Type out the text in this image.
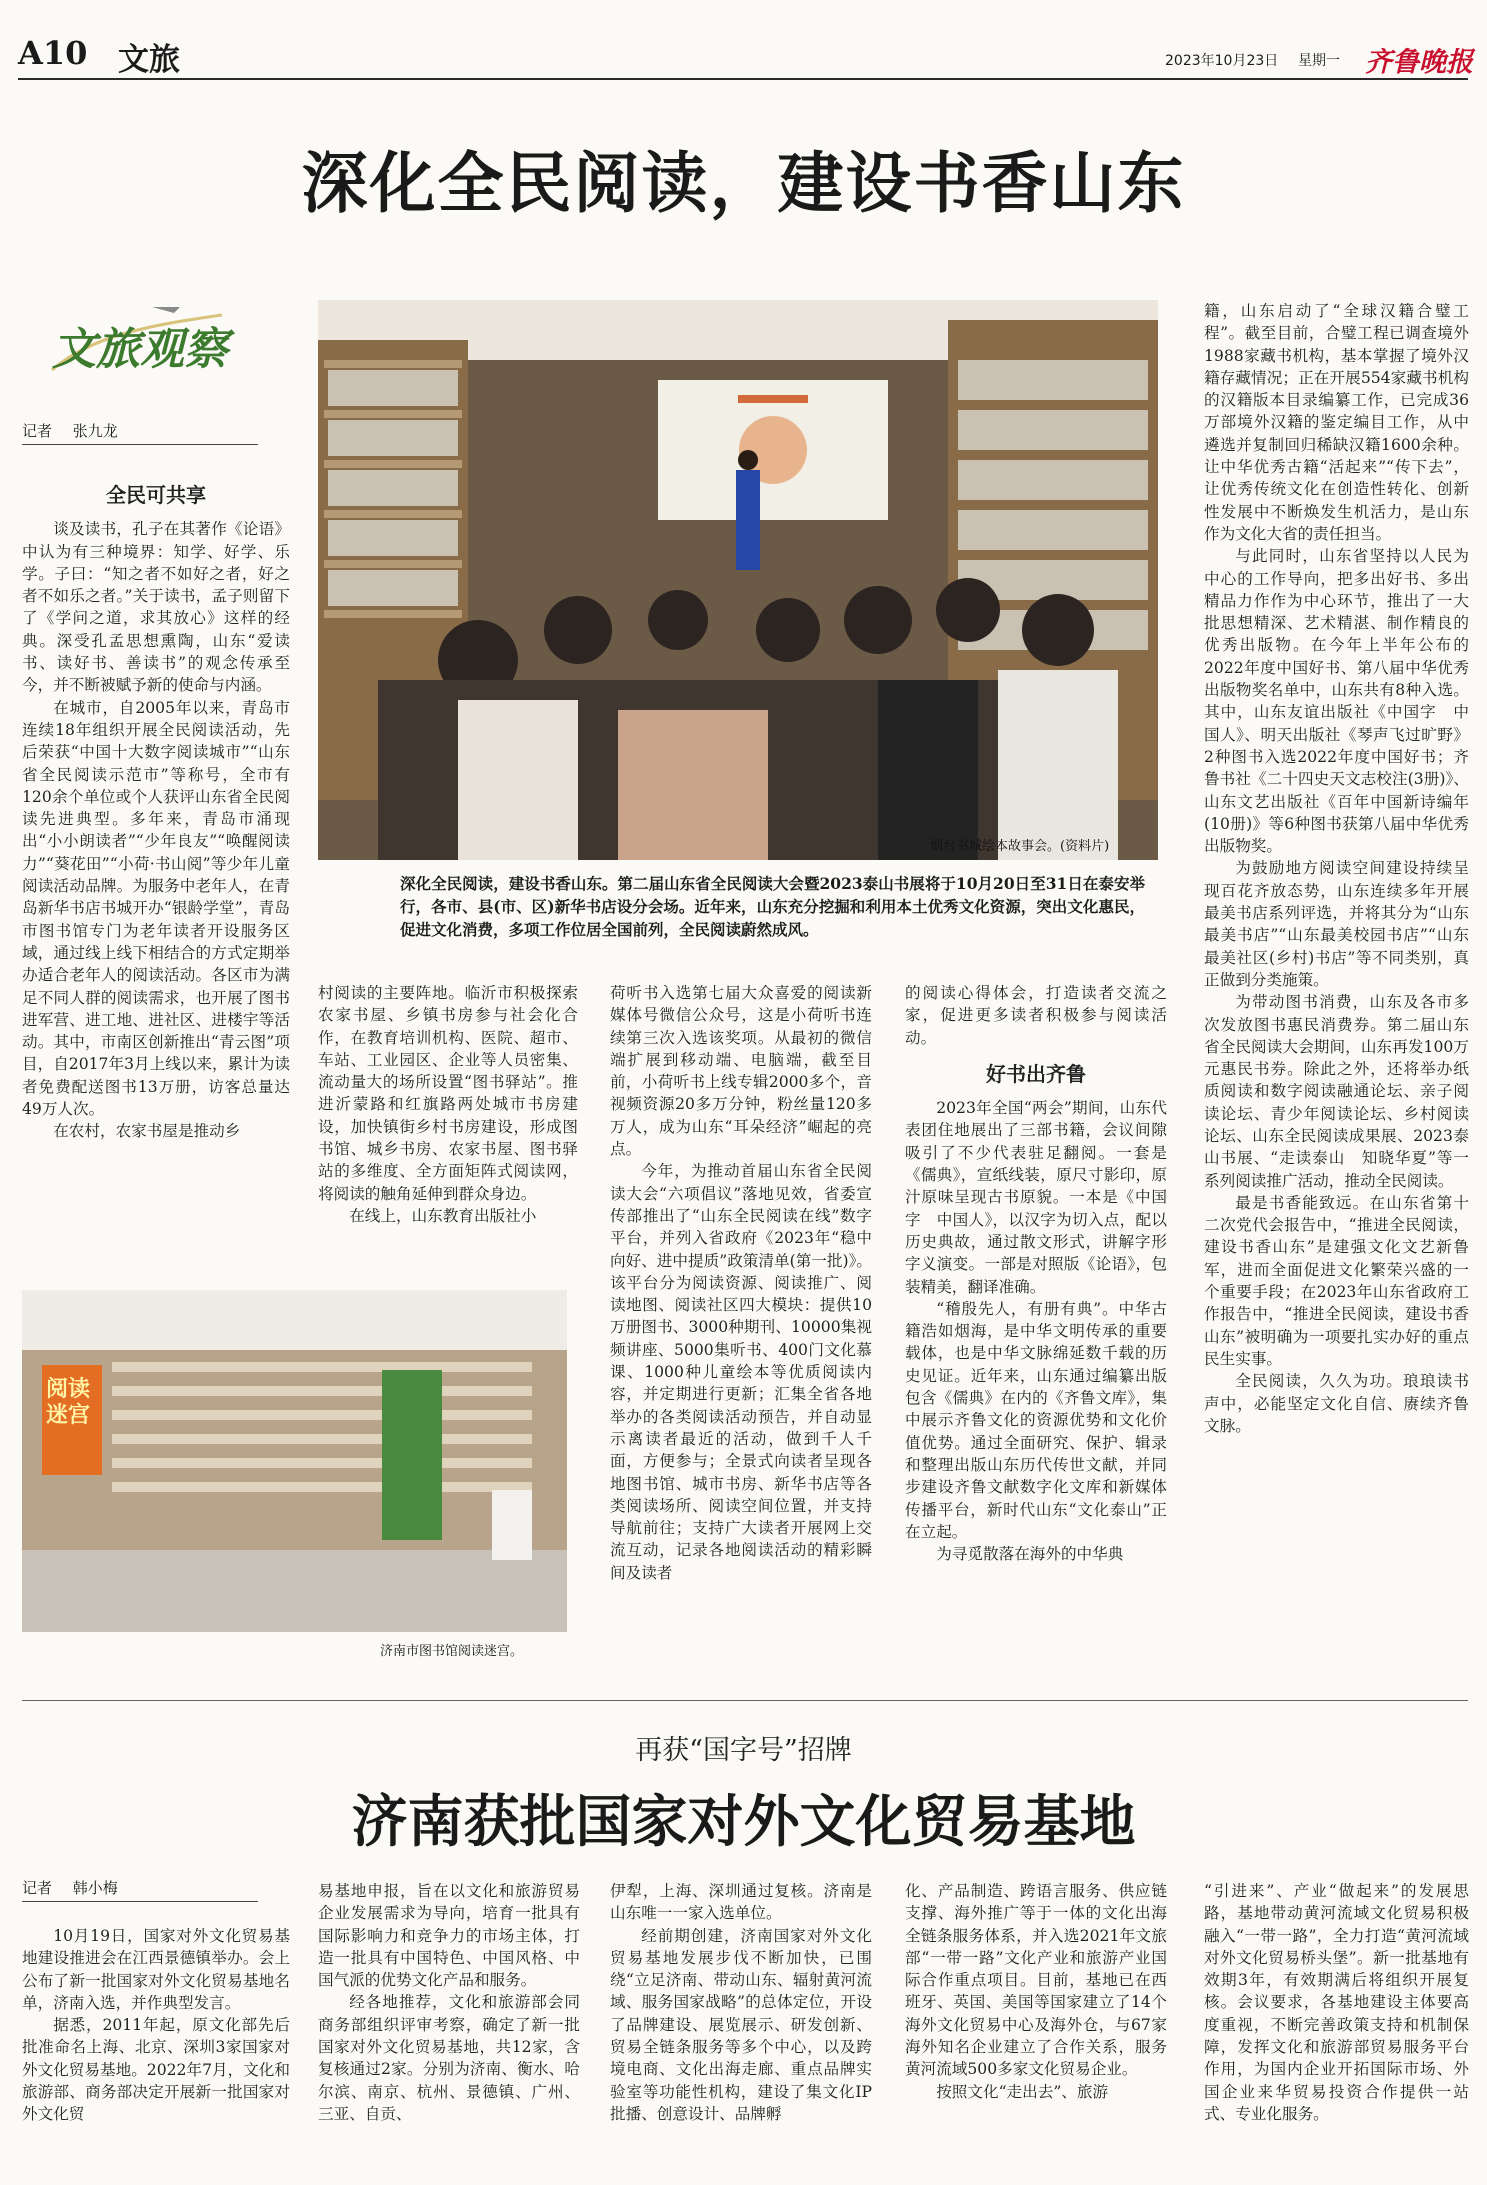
A10 文旅	2023年10月23日 星期一 齐鲁晚报
深化全民阅读，建设书香山东
文旅观察
记者 张九龙
烟台书城绘本故事会。(资料片)
深化全民阅读，建设书香山东。第二届山东省全民阅读大会暨2023泰山书展将于10月20日至31日在泰安举行，各市、县(市、区)新华书店设分会场。近年来，山东充分挖掘和利用本土优秀文化资源，突出文化惠民，促进文化消费，多项工作位居全国前列，全民阅读蔚然成风。

全民可共享

谈及读书，孔子在其著作《论语》中认为有三种境界：知学、好学、乐学。子曰：“知之者不如好之者，好之者不如乐之者。”关于读书，孟子则留下了《学问之道，求其放心》这样的经典。深受孔孟思想熏陶，山东“爱读书、读好书、善读书”的观念传承至今，并不断被赋予新的使命与内涵。

在城市，自2005年以来，青岛市连续18年组织开展全民阅读活动，先后荣获“中国十大数字阅读城市”“山东省全民阅读示范市”等称号，全市有120余个单位或个人获评山东省全民阅读先进典型。多年来，青岛市涌现出“小小朗读者”“少年良友”“唤醒阅读力”“葵花田”“小荷·书山阅”等少年儿童阅读活动品牌。为服务中老年人，在青岛新华书店书城开办“银龄学堂”，青岛市图书馆专门为老年读者开设服务区域，通过线上线下相结合的方式定期举办适合老年人的阅读活动。各区市为满足不同人群的阅读需求，也开展了图书进军营、进工地、进社区、进楼宇等活动。其中，市南区创新推出“青云图”项目，自2017年3月上线以来，累计为读者免费配送图书13万册，访客总量达49万人次。

在农村，农家书屋是推动乡

村阅读的主要阵地。临沂市积极探索农家书屋、乡镇书房参与社会化合作，在教育培训机构、医院、超市、车站、工业园区、企业等人员密集、流动量大的场所设置“图书驿站”。推进沂蒙路和红旗路两处城市书房建设，加快镇街乡村书房建设，形成图书馆、城乡书房、农家书屋、图书驿站的多维度、全方面矩阵式阅读网，将阅读的触角延伸到群众身边。

在线上，山东教育出版社小

荷听书入选第七届大众喜爱的阅读新媒体号微信公众号，这是小荷听书连续第三次入选该奖项。从最初的微信端扩展到移动端、电脑端，截至目前，小荷听书上线专辑2000多个，音视频资源20多万分钟，粉丝量120多万人，成为山东“耳朵经济”崛起的亮点。

今年，为推动首届山东省全民阅读大会“六项倡议”落地见效，省委宣传部推出了“山东全民阅读在线”数字平台，并列入省政府《2023年“稳中向好、进中提质”政策清单(第一批)》。该平台分为阅读资源、阅读推广、阅读地图、阅读社区四大模块：提供10万册图书、3000种期刊、10000集视频讲座、5000集听书、400门文化慕课、1000种儿童绘本等优质阅读内容，并定期进行更新；汇集全省各地举办的各类阅读活动预告，并自动显示离读者最近的活动，做到千人千面，方便参与；全景式向读者呈现各地图书馆、城市书房、新华书店等各类阅读场所、阅读空间位置，并支持导航前往；支持广大读者开展网上交流互动，记录各地阅读活动的精彩瞬间及读者

的阅读心得体会，打造读者交流之家，促进更多读者积极参与阅读活动。

好书出齐鲁

2023年全国“两会”期间，山东代表团住地展出了三部书籍，会议间隙吸引了不少代表驻足翻阅。一套是《儒典》，宣纸线装，原尺寸影印，原汁原味呈现古书原貌。一本是《中国字　中国人》，以汉字为切入点，配以历史典故，通过散文形式，讲解字形字义演变。一部是对照版《论语》，包装精美，翻译准确。

“稽殷先人，有册有典”。中华古籍浩如烟海，是中华文明传承的重要载体，也是中华文脉绵延数千载的历史见证。近年来，山东通过编纂出版包含《儒典》在内的《齐鲁文库》，集中展示齐鲁文化的资源优势和文化价值优势。通过全面研究、保护、辑录和整理出版山东历代传世文献，并同步建设齐鲁文献数字化文库和新媒体传播平台，新时代山东“文化泰山”正在立起。

为寻觅散落在海外的中华典

籍，山东启动了“全球汉籍合璧工程”。截至目前，合璧工程已调查境外1988家藏书机构，基本掌握了境外汉籍存藏情况；正在开展554家藏书机构的汉籍版本目录编纂工作，已完成36万部境外汉籍的鉴定编目工作，从中遴选并复制回归稀缺汉籍1600余种。让中华优秀古籍“活起来”“传下去”，让优秀传统文化在创造性转化、创新性发展中不断焕发生机活力，是山东作为文化大省的责任担当。

与此同时，山东省坚持以人民为中心的工作导向，把多出好书、多出精品力作作为中心环节，推出了一大批思想精深、艺术精湛、制作精良的优秀出版物。在今年上半年公布的2022年度中国好书、第八届中华优秀出版物奖名单中，山东共有8种入选。其中，山东友谊出版社《中国字　中国人》、明天出版社《琴声飞过旷野》2种图书入选2022年度中国好书；齐鲁书社《二十四史天文志校注(3册)》、山东文艺出版社《百年中国新诗编年(10册)》等6种图书获第八届中华优秀出版物奖。

为鼓励地方阅读空间建设持续呈现百花齐放态势，山东连续多年开展最美书店系列评选，并将其分为“山东最美书店”“山东最美校园书店”“山东最美社区(乡村)书店”等不同类别，真正做到分类施策。

为带动图书消费，山东及各市多次发放图书惠民消费券。第二届山东省全民阅读大会期间，山东再发100万元惠民书券。除此之外，还将举办纸质阅读和数字阅读融通论坛、亲子阅读论坛、青少年阅读论坛、乡村阅读论坛、山东全民阅读成果展、2023泰山书展、“走读泰山　知晓华夏”等一系列阅读推广活动，推动全民阅读。

最是书香能致远。在山东省第十二次党代会报告中，“推进全民阅读，建设书香山东”是建强文化文艺新鲁军，进而全面促进文化繁荣兴盛的一个重要手段；在2023年山东省政府工作报告中，“推进全民阅读，建设书香山东”被明确为一项要扎实办好的重点民生实事。

全民阅读，久久为功。琅琅读书声中，必能坚定文化自信、赓续齐鲁文脉。

阅读迷宫
济南市图书馆阅读迷宫。
再获“国字号”招牌
济南获批国家对外文化贸易基地
记者 韩小梅

10月19日，国家对外文化贸易基地建设推进会在江西景德镇举办。会上公布了新一批国家对外文化贸易基地名单，济南入选，并作典型发言。

据悉，2011年起，原文化部先后批准命名上海、北京、深圳3家国家对外文化贸易基地。2022年7月，文化和旅游部、商务部决定开展新一批国家对外文化贸

易基地申报，旨在以文化和旅游贸易企业发展需求为导向，培育一批具有国际影响力和竞争力的市场主体，打造一批具有中国特色、中国风格、中国气派的优势文化产品和服务。

经各地推荐，文化和旅游部会同商务部组织评审考察，确定了新一批国家对外文化贸易基地，共12家，含复核通过2家。分别为济南、衡水、哈尔滨、南京、杭州、景德镇、广州、三亚、自贡、

伊犁，上海、深圳通过复核。济南是山东唯一一家入选单位。

经前期创建，济南国家对外文化贸易基地发展步伐不断加快，已围绕“立足济南、带动山东、辐射黄河流域、服务国家战略”的总体定位，开设了品牌建设、展览展示、研发创新、贸易全链条服务等多个中心，以及跨境电商、文化出海走廊、重点品牌实验室等功能性机构，建设了集文化IP批播、创意设计、品牌孵

化、产品制造、跨语言服务、供应链支撑、海外推广等于一体的文化出海全链条服务体系，并入选2021年文旅部“一带一路”文化产业和旅游产业国际合作重点项目。目前，基地已在西班牙、英国、美国等国家建立了14个海外文化贸易中心及海外仓，与67家海外知名企业建立了合作关系，服务黄河流域500多家文化贸易企业。

按照文化“走出去”、旅游

“引进来”、产业“做起来”的发展思路，基地带动黄河流域文化贸易积极融入“一带一路”，全力打造“黄河流域对外文化贸易桥头堡”。新一批基地有效期3年，有效期满后将组织开展复核。会议要求，各基地建设主体要高度重视，不断完善政策支持和机制保障，发挥文化和旅游部贸易服务平台作用，为国内企业开拓国际市场、外国企业来华贸易投资合作提供一站式、专业化服务。
